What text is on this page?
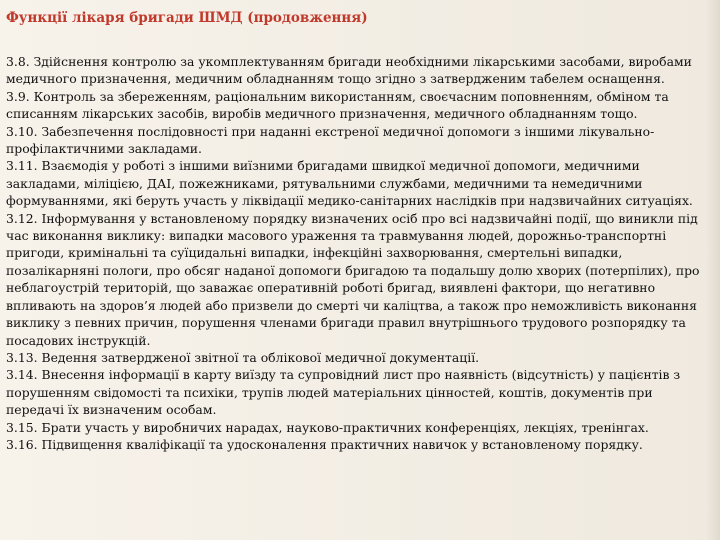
Функції лікаря бригади ШМД (продовження)

3.8. Здійснення контролю за укомплектуванням бригади необхідними лікарськими засобами, виробами медичного призначення, медичним обладнанням тощо згідно з затвердженим табелем оснащення.

3.9. Контроль за збереженням, раціональним використанням, своєчасним поповненням, обміном та списанням лікарських засобів, виробів медичного призначення, медичного обладнанням тощо.

3.10. Забезпечення послідовності при наданні екстреної медичної допомоги з іншими лікувально-профілактичними закладами.

3.11. Взаємодія у роботі з іншими виїзними бригадами швидкої медичної допомоги, медичними закладами, міліцією, ДАІ, пожежниками, рятувальними службами, медичними та немедичними формуваннями, які беруть участь у ліквідації медико-санітарних наслідків при надзвичайних ситуаціях.

3.12. Інформування у встановленому порядку визначених осіб про всі надзвичайні події, що виникли під час виконання виклику: випадки масового ураження та травмування людей, дорожньо-транспортні пригоди, кримінальні та суїцидальні випадки, інфекційні захворювання, смертельні випадки, позалікарняні пологи, про обсяг наданої допомоги бригадою та подальшу долю хворих (потерпілих), про неблагоустрій територій, що заважає оперативній роботі бригад, виявлені фактори, що негативно впливають на здоров’я людей або призвели до смерті чи каліцтва, а також про неможливість виконання виклику з певних причин, порушення членами бригади правил внутрішнього трудового розпорядку та посадових інструкцій.

3.13. Ведення затвердженої звітної та облікової медичної документації.

3.14. Внесення інформації в карту виїзду та супровідний лист про наявність (відсутність) у пацієнтів з порушенням свідомості та психіки, трупів людей матеріальних цінностей, коштів, документів при передачі їх визначеним особам.

3.15. Брати участь у виробничих нарадах, науково-практичних конференціях, лекціях, тренінгах.

3.16. Підвищення кваліфікації та удосконалення практичних навичок у встановленому порядку.
